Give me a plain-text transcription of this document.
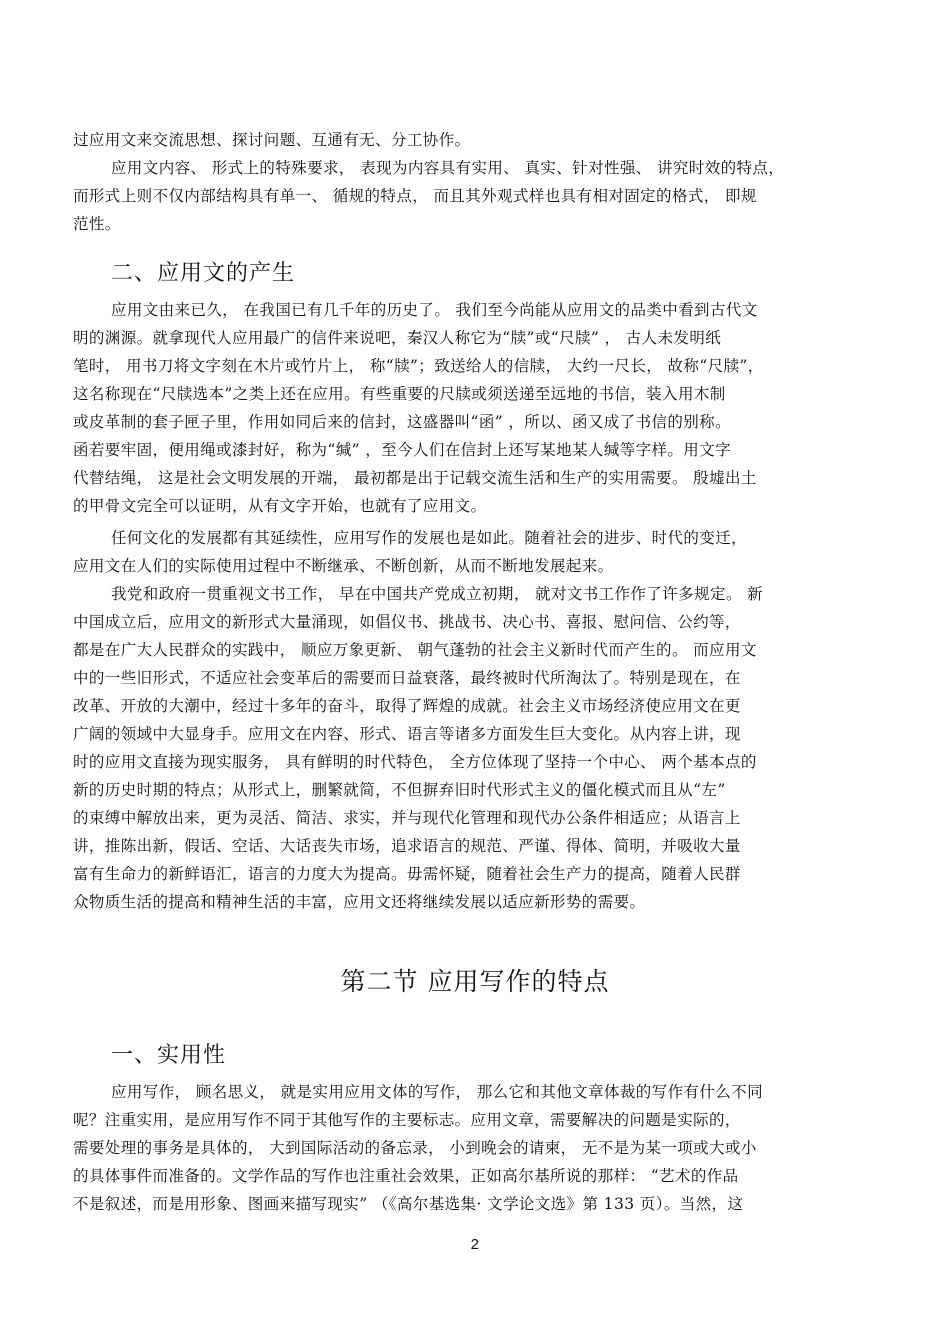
过应用文来交流思想、探讨问题、互通有无、分工协作。
应用文内容、 形式上的特殊要求， 表现为内容具有实用、 真实、针对性强、 讲究时效的特点，
而形式上则不仅内部结构具有单一、 循规的特点， 而且其外观式样也具有相对固定的格式， 即规
范性。
二、应用文的产生
应用文由来已久， 在我国已有几千年的历史了。 我们至今尚能从应用文的品类中看到古代文
明的渊源。就拿现代人应用最广的信件来说吧，秦汉人称它为“牍”或“尺牍” ， 古人未发明纸
笔时， 用书刀将文字刻在木片或竹片上， 称“牍”；致送给人的信牍， 大约一尺长， 故称“尺牍”，
这名称现在“尺牍选本”之类上还在应用。有些重要的尺牍或须送递至远地的书信，装入用木制
或皮革制的套子匣子里，作用如同后来的信封，这盛器叫“函” ，所以、函又成了书信的别称。
函若要牢固，便用绳或漆封好，称为“缄” ，至今人们在信封上还写某地某人缄等字样。用文字
代替结绳， 这是社会文明发展的开端， 最初都是出于记载交流生活和生产的实用需要。 殷墟出土
的甲骨文完全可以证明，从有文字开始，也就有了应用文。
任何文化的发展都有其延续性，应用写作的发展也是如此。随着社会的进步、时代的变迁，
应用文在人们的实际使用过程中不断继承、不断创新，从而不断地发展起来。
我党和政府一贯重视文书工作， 早在中国共产党成立初期， 就对文书工作作了许多规定。 新
中国成立后，应用文的新形式大量涌现，如倡仪书、挑战书、决心书、喜报、慰问信、公约等，
都是在广大人民群众的实践中， 顺应万象更新、 朝气蓬勃的社会主义新时代而产生的。 而应用文
中的一些旧形式，不适应社会变革后的需要而日益衰落，最终被时代所淘汰了。特别是现在，在
改革、开放的大潮中，经过十多年的奋斗，取得了辉煌的成就。社会主义市场经济使应用文在更
广阔的领域中大显身手。应用文在内容、形式、语言等诸多方面发生巨大变化。从内容上讲，现
时的应用文直接为现实服务， 具有鲜明的时代特色， 全方位体现了坚持一个中心、 两个基本点的
新的历史时期的特点；从形式上，删繁就简，不但摒弃旧时代形式主义的僵化模式而且从“左”
的束缚中解放出来，更为灵活、简洁、求实，并与现代化管理和现代办公条件相适应；从语言上
讲，推陈出新，假话、空话、大话丧失市场，追求语言的规范、严谨、得体、简明，并吸收大量
富有生命力的新鲜语汇，语言的力度大为提高。毋需怀疑，随着社会生产力的提高，随着人民群
众物质生活的提高和精神生活的丰富，应用文还将继续发展以适应新形势的需要。
第二节 应用写作的特点
一、实用性
应用写作， 顾名思义， 就是实用应用文体的写作， 那么它和其他文章体裁的写作有什么不同
呢？注重实用，是应用写作不同于其他写作的主要标志。应用文章，需要解决的问题是实际的，
需要处理的事务是具体的， 大到国际活动的备忘录， 小到晚会的请柬， 无不是为某一项或大或小
的具体事件而准备的。文学作品的写作也注重社会效果，正如高尔基所说的那样： “艺术的作品
不是叙述，而是用形象、图画来描写现实” （《高尔基选集· 文学论文选》第 133 页）。当然，这
2
